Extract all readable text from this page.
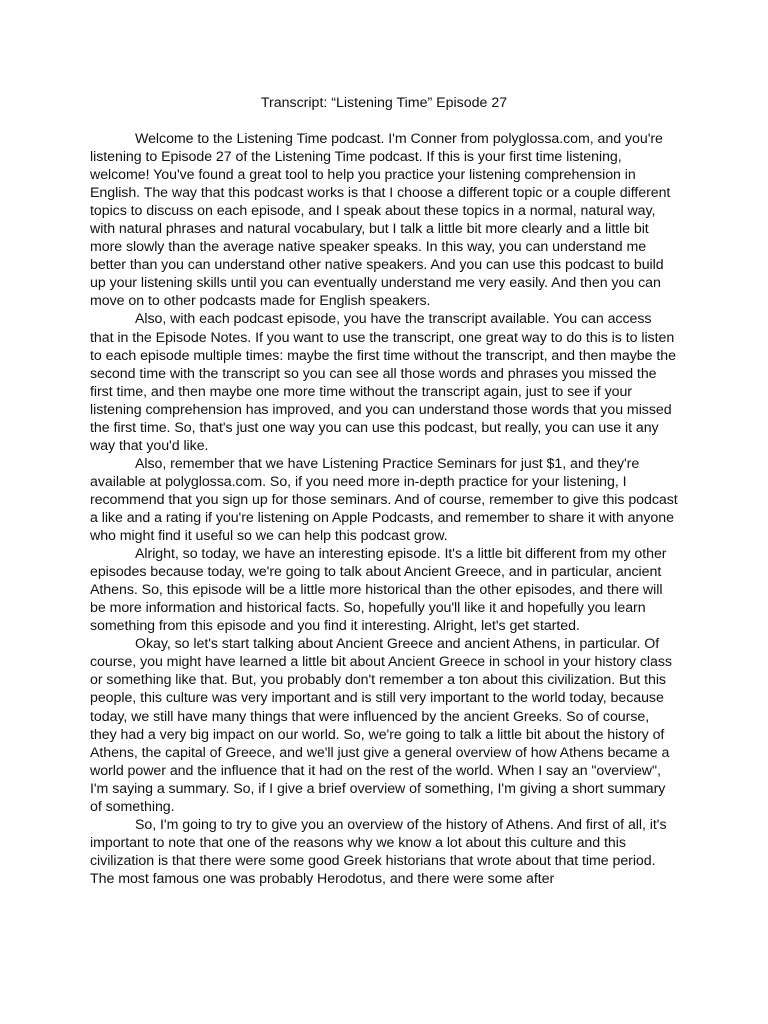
Transcript: “Listening Time” Episode 27

Welcome to the Listening Time podcast. I'm Conner from polyglossa.com, and you're listening to Episode 27 of the Listening Time podcast. If this is your first time listening, welcome! You've found a great tool to help you practice your listening comprehension in English. The way that this podcast works is that I choose a different topic or a couple different topics to discuss on each episode, and I speak about these topics in a normal, natural way, with natural phrases and natural vocabulary, but I talk a little bit more clearly and a little bit more slowly than the average native speaker speaks. In this way, you can understand me better than you can understand other native speakers. And you can use this podcast to build up your listening skills until you can eventually understand me very easily. And then you can move on to other podcasts made for English speakers.

Also, with each podcast episode, you have the transcript available. You can access that in the Episode Notes. If you want to use the transcript, one great way to do this is to listen to each episode multiple times: maybe the first time without the transcript, and then maybe the second time with the transcript so you can see all those words and phrases you missed the first time, and then maybe one more time without the transcript again, just to see if your listening comprehension has improved, and you can understand those words that you missed the first time. So, that's just one way you can use this podcast, but really, you can use it any way that you'd like.

Also, remember that we have Listening Practice Seminars for just $1, and they're available at polyglossa.com. So, if you need more in-depth practice for your listening, I recommend that you sign up for those seminars. And of course, remember to give this podcast a like and a rating if you're listening on Apple Podcasts, and remember to share it with anyone who might find it useful so we can help this podcast grow.

Alright, so today, we have an interesting episode. It's a little bit different from my other episodes because today, we're going to talk about Ancient Greece, and in particular, ancient Athens. So, this episode will be a little more historical than the other episodes, and there will be more information and historical facts. So, hopefully you'll like it and hopefully you learn something from this episode and you find it interesting. Alright, let's get started.

Okay, so let's start talking about Ancient Greece and ancient Athens, in particular. Of course, you might have learned a little bit about Ancient Greece in school in your history class or something like that. But, you probably don't remember a ton about this civilization. But this people, this culture was very important and is still very important to the world today, because today, we still have many things that were influenced by the ancient Greeks. So of course, they had a very big impact on our world. So, we're going to talk a little bit about the history of Athens, the capital of Greece, and we'll just give a general overview of how Athens became a world power and the influence that it had on the rest of the world. When I say an "overview", I'm saying a summary. So, if I give a brief overview of something, I'm giving a short summary of something.

So, I'm going to try to give you an overview of the history of Athens. And first of all, it's important to note that one of the reasons why we know a lot about this culture and this civilization is that there were some good Greek historians that wrote about that time period. The most famous one was probably Herodotus, and there were some after
